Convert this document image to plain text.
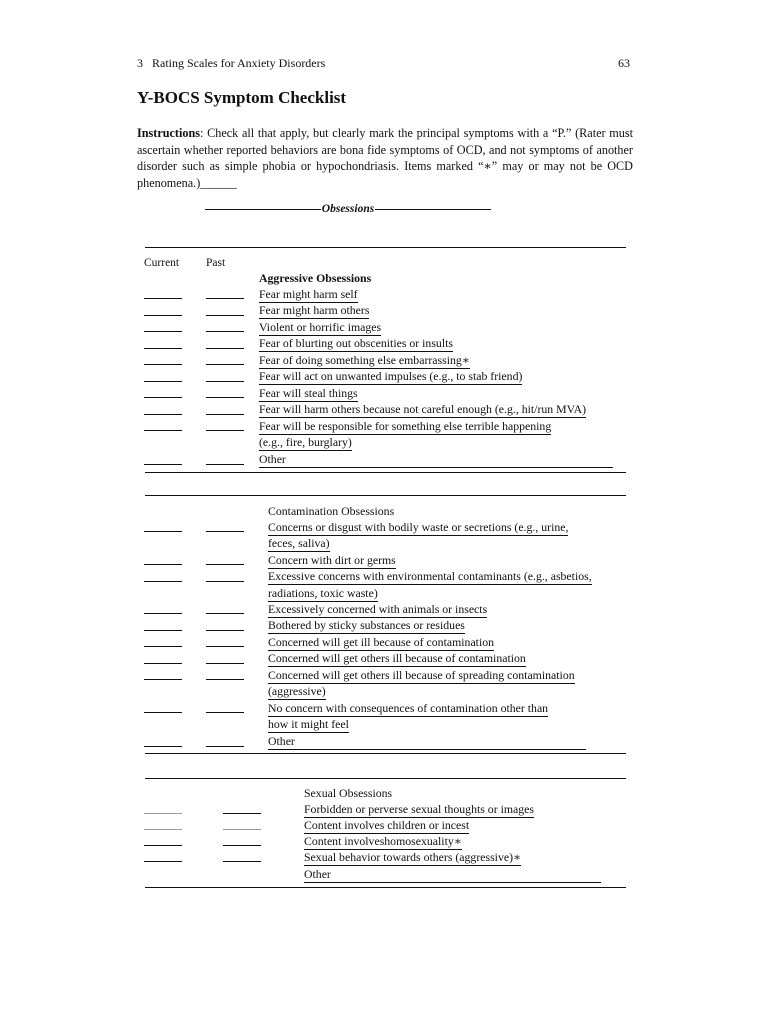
3 Rating Scales for Anxiety Disorders	63
Y-BOCS Symptom Checklist
Instructions: Check all that apply, but clearly mark the principal symptoms with a “P.” (Rater must ascertain whether reported behaviors are bona fide symptoms of OCD, and not symptoms of another disorder such as simple phobia or hypochondriasis. Items marked “∗” may or may not be OCD phenomena.)______
Obsessions
Current Past
Aggressive Obsessions
Fear might harm self
Fear might harm others
Violent or horrific images
Fear of blurting out obscenities or insults
Fear of doing something else embarrassing∗
Fear will act on unwanted impulses (e.g., to stab friend)
Fear will steal things
Fear will harm others because not careful enough (e.g., hit/run MVA)
Fear will be responsible for something else terrible happening
(e.g., fire, burglary)
Other
Contamination Obsessions
Concerns or disgust with bodily waste or secretions (e.g., urine,
feces, saliva)
Concern with dirt or germs
Excessive concerns with environmental contaminants (e.g., asbetios,
radiations, toxic waste)
Excessively concerned with animals or insects
Bothered by sticky substances or residues
Concerned will get ill because of contamination
Concerned will get others ill because of contamination
Concerned will get others ill because of spreading contamination
(aggressive)
No concern with consequences of contamination other than
how it might feel
Other
Sexual Obsessions
Forbidden or perverse sexual thoughts or images
Content involves children or incest
Content involveshomosexuality∗
Sexual behavior towards others (aggressive)∗
Other
